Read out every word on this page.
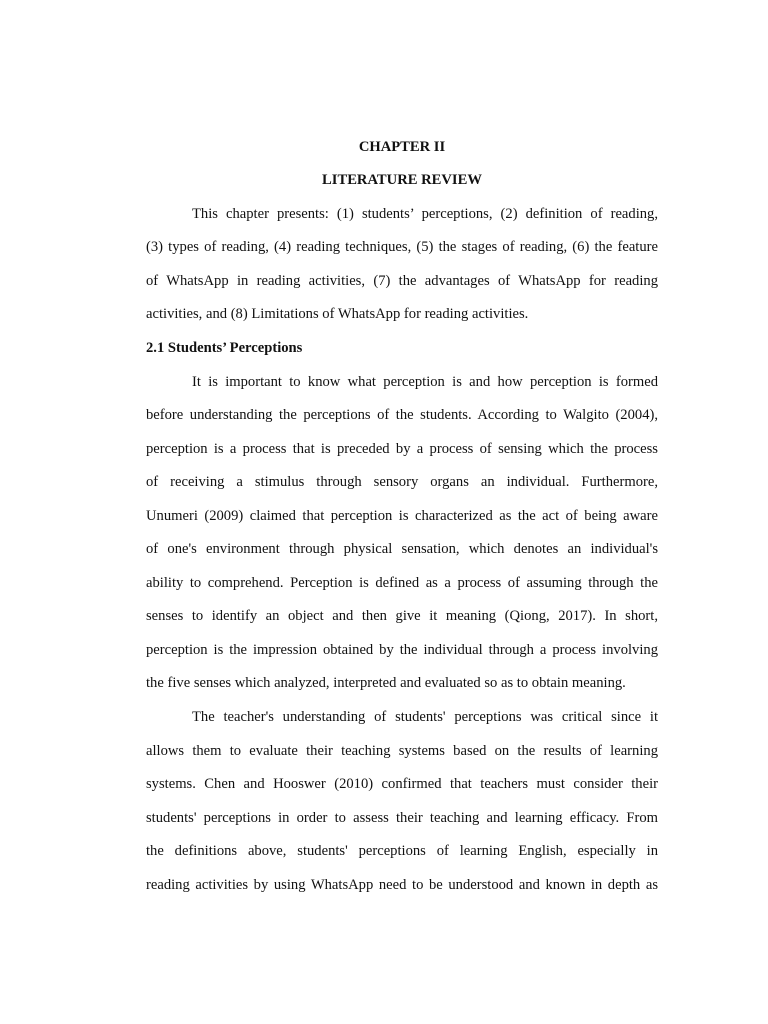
CHAPTER II
LITERATURE REVIEW
This chapter presents: (1) students’ perceptions, (2) definition of reading,
(3) types of reading, (4) reading techniques, (5) the stages of reading, (6) the feature
of WhatsApp in reading activities, (7) the advantages of WhatsApp for reading
activities, and (8) Limitations of WhatsApp for reading activities.
2.1 Students’ Perceptions
It is important to know what perception is and how perception is formed
before understanding the perceptions of the students. According to Walgito (2004),
perception is a process that is preceded by a process of sensing which the process
of receiving a stimulus through sensory organs an individual. Furthermore,
Unumeri (2009) claimed that perception is characterized as the act of being aware
of one's environment through physical sensation, which denotes an individual's
ability to comprehend. Perception is defined as a process of assuming through the
senses to identify an object and then give it meaning (Qiong, 2017). In short,
perception is the impression obtained by the individual through a process involving
the five senses which analyzed, interpreted and evaluated so as to obtain meaning.
The teacher's understanding of students' perceptions was critical since it
allows them to evaluate their teaching systems based on the results of learning
systems. Chen and Hooswer (2010) confirmed that teachers must consider their
students' perceptions in order to assess their teaching and learning efficacy. From
the definitions above, students' perceptions of learning English, especially in
reading activities by using WhatsApp need to be understood and known in depth as
